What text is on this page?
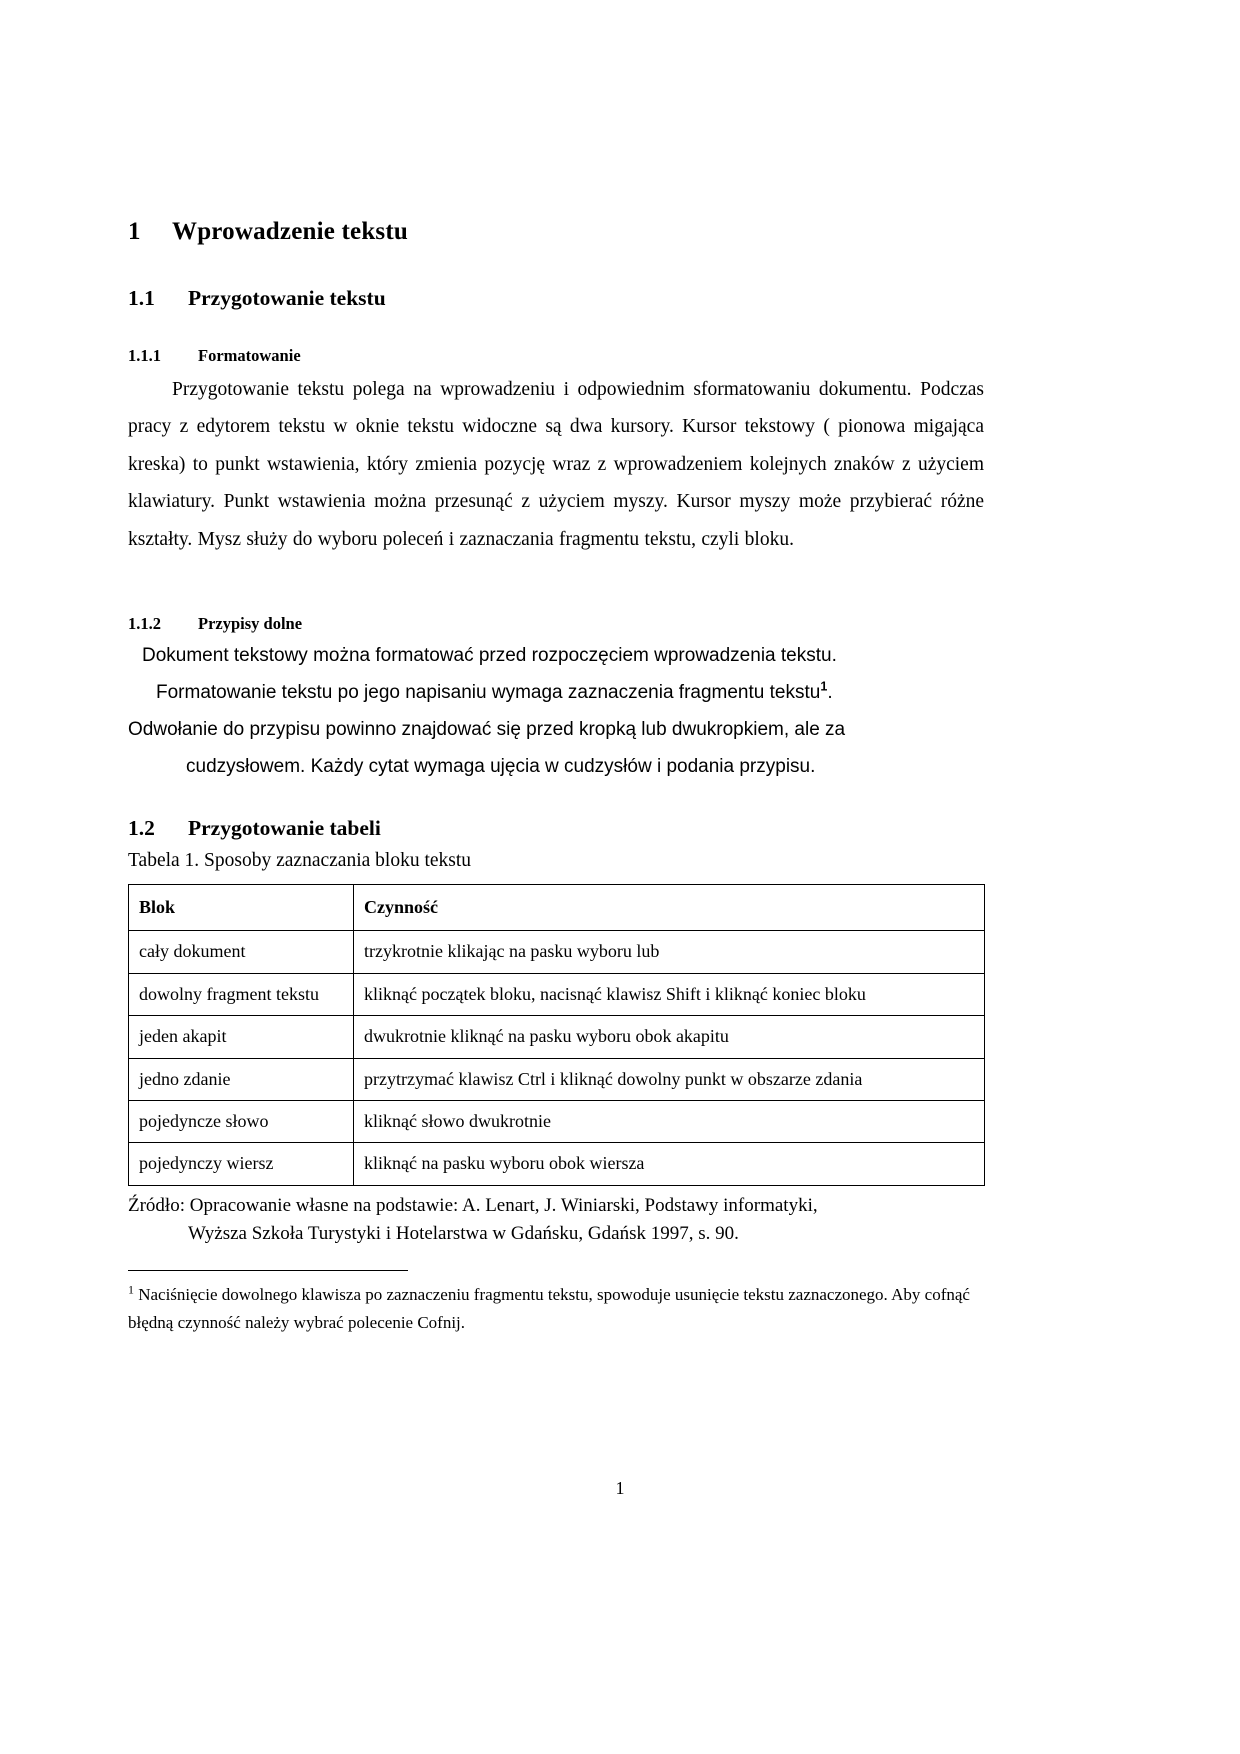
1 Wprowadzenie tekstu
1.1 Przygotowanie tekstu
1.1.1 Formatowanie

Przygotowanie tekstu polega na wprowadzeniu i odpowiednim sformatowaniu dokumentu. Podczas pracy z edytorem tekstu w oknie tekstu widoczne są dwa kursory. Kursor tekstowy ( pionowa migająca kreska) to punkt wstawienia, który zmienia pozycję wraz z wprowadzeniem kolejnych znaków z użyciem klawiatury. Punkt wstawienia można przesunąć z użyciem myszy. Kursor myszy może przybierać różne kształty. Mysz służy do wyboru poleceń i zaznaczania fragmentu tekstu, czyli bloku.

1.1.2 Przypisy dolne
Dokument tekstowy można formatować przed rozpoczęciem wprowadzenia tekstu.
Formatowanie tekstu po jego napisaniu wymaga zaznaczenia fragmentu tekstu$^1$.
Odwołanie do przypisu powinno znajdować się przed kropką lub dwukropkiem, ale za
cudzysłowem. Każdy cytat wymaga ujęcia w cudzysłów i podania przypisu.
1.2 Przygotowanie tabeli

Tabela 1. Sposoby zaznaczania bloku tekstu

Blok	Czynność
cały dokument	trzykrotnie klikając na pasku wyboru lub
dowolny fragment tekstu	kliknąć początek bloku, nacisnąć klawisz Shift i kliknąć koniec bloku
jeden akapit	dwukrotnie kliknąć na pasku wyboru obok akapitu
jedno zdanie	przytrzymać klawisz Ctrl i kliknąć dowolny punkt w obszarze zdania
pojedyncze słowo	kliknąć słowo dwukrotnie
pojedynczy wiersz	kliknąć na pasku wyboru obok wiersza

Źródło: Opracowanie własne na podstawie: A. Lenart, J. Winiarski, Podstawy informatyki,
Wyższa Szkoła Turystyki i Hotelarstwa w Gdańsku, Gdańsk 1997, s. 90.

$^1$ Naciśnięcie dowolnego klawisza po zaznaczeniu fragmentu tekstu, spowoduje usunięcie tekstu zaznaczonego. Aby cofnąć błędną czynność należy wybrać polecenie Cofnij.

1
